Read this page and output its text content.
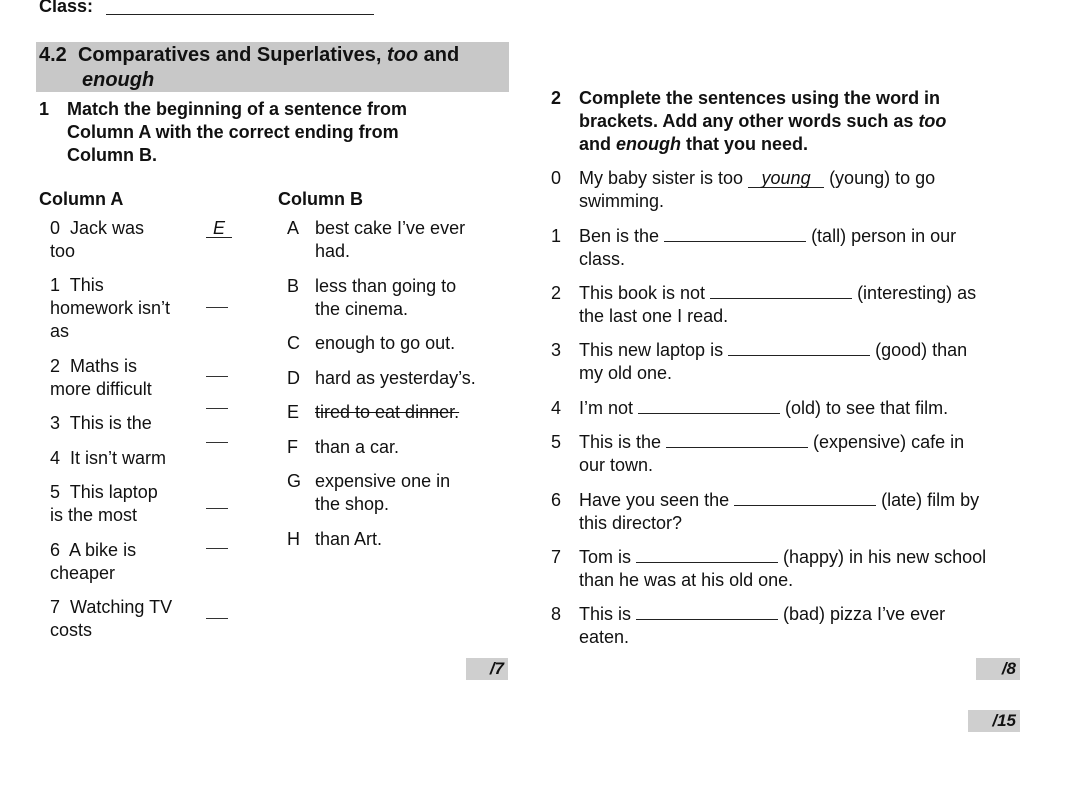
Class:
4.2 Comparatives and Superlatives, too and
enough
1 Match the beginning of a sentence from
Column A with the correct ending from
Column B.
Column A	Column B
0 Jack was
too
E
1 This
homework isn’t
as
2 Maths is
more difficult
3 This is the
4 It isn’t warm
5 This laptop
is the most
6 A bike is
cheaper
7 Watching TV
costs
A best cake I’ve ever
had.
B less than going to
the cinema.
C enough to go out.
D hard as yesterday’s.
E tired to eat dinner.
F than a car.
G expensive one in
the shop.
H than Art.
/7
2 Complete the sentences using the word in
brackets. Add any other words such as too
and enough that you need.
0 My baby sister is too young (young) to go
swimming.
1 Ben is the	(tall) person in our
class.
2 This book is not	(interesting) as
the last one I read.
3 This new laptop is	(good) than
my old one.
4 I’m not	(old) to see that film.
5 This is the	(expensive) cafe in
our town.
6 Have you seen the	(late) film by
this director?
7 Tom is	(happy) in his new school
than he was at his old one.
8 This is	(bad) pizza I’ve ever
eaten.
/8
/15
